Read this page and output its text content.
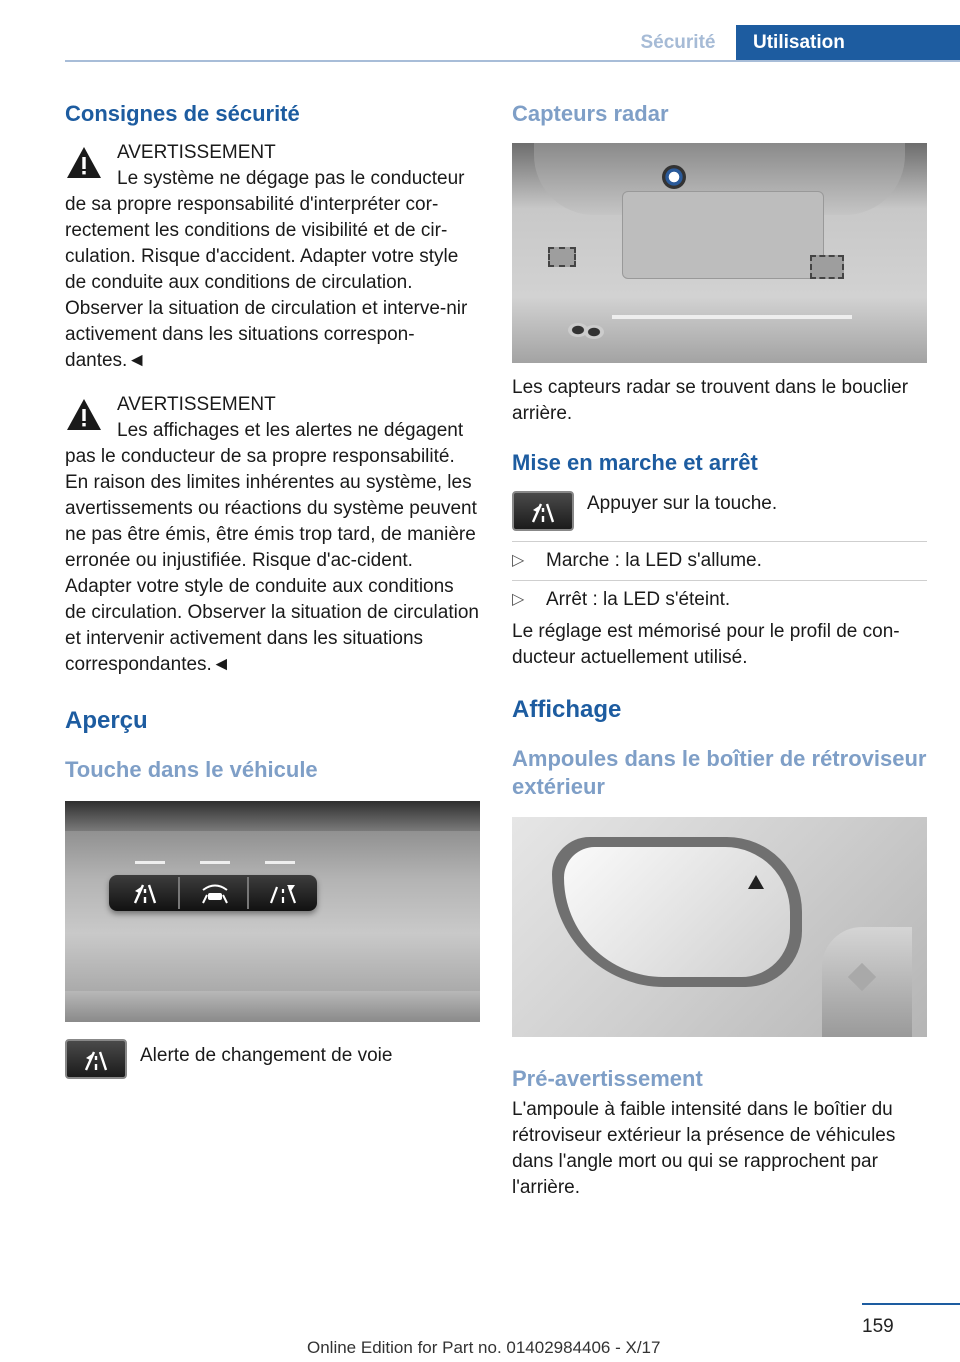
Sécurité	Utilisation
Consignes de sécurité
AVERTISSEMENT

Le système ne dégage pas le conducteur de sa propre responsabilité d'interpréter cor-rectement les conditions de visibilité et de cir-culation. Risque d'accident. Adapter votre style de conduite aux conditions de circulation. Observer la situation de circulation et interve-nir activement dans les situations correspon-dantes.◄

AVERTISSEMENT

Les affichages et les alertes ne dégagent pas le conducteur de sa propre responsabilité. En raison des limites inhérentes au système, les avertissements ou réactions du système peuvent ne pas être émis, être émis trop tard, de manière erronée ou injustifiée. Risque d'ac-cident. Adapter votre style de conduite aux conditions de circulation. Observer la situation de circulation et intervenir activement dans les situations correspondantes.◄

Aperçu
Touche dans le véhicule
Alerte de changement de voie
Capteurs radar

Les capteurs radar se trouvent dans le bouclier arrière.

Mise en marche et arrêt
Appuyer sur la touche.
▷ Marche : la LED s'allume.
▷ Arrêt : la LED s'éteint.

Le réglage est mémorisé pour le profil de con-ducteur actuellement utilisé.

Affichage
Ampoules dans le boîtier de rétroviseur extérieur
Pré-avertissement

L'ampoule à faible intensité dans le boîtier du rétroviseur extérieur la présence de véhicules dans l'angle mort ou qui se rapprochent par l'arrière.

159
Online Edition for Part no. 01402984406 - X/17
